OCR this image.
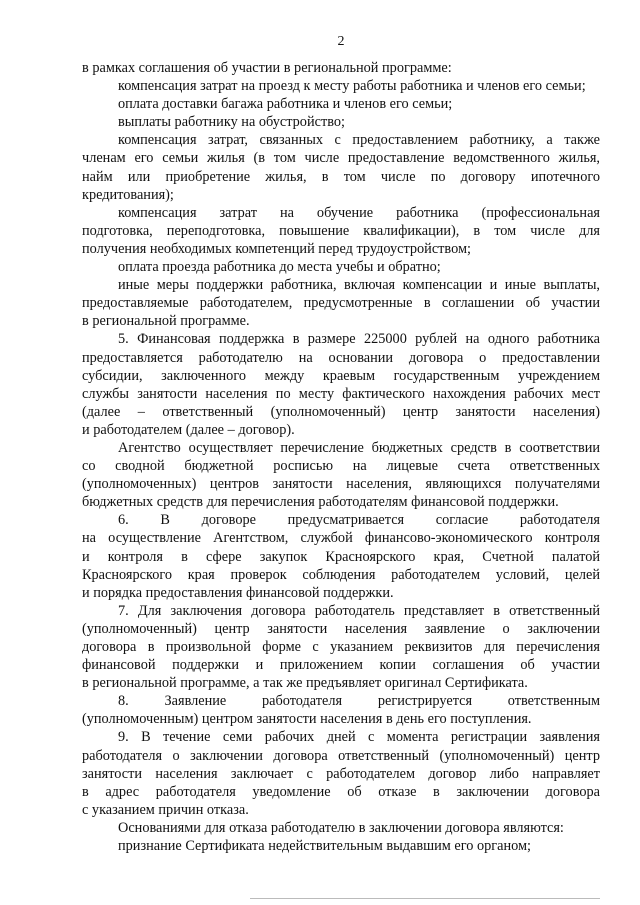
2
в рамках соглашения об участии в региональной программе:
компенсация затрат на проезд к месту работы работника и членов его семьи;
оплата доставки багажа работника и членов его семьи;
выплаты работнику на обустройство;
компенсация затрат, связанных с предоставлением работнику, а также
членам его семьи жилья (в том числе предоставление ведомственного жилья,
найм или приобретение жилья, в том числе по договору ипотечного
кредитования);
компенсация затрат на обучение работника (профессиональная
подготовка, переподготовка, повышение квалификации), в том числе для
получения необходимых компетенций перед трудоустройством;
оплата проезда работника до места учебы и обратно;
иные меры поддержки работника, включая компенсации и иные выплаты,
предоставляемые работодателем, предусмотренные в соглашении об участии
в региональной программе.
5. Финансовая поддержка в размере 225000 рублей на одного работника
предоставляется работодателю на основании договора о предоставлении
субсидии, заключенного между краевым государственным учреждением
службы занятости населения по месту фактического нахождения рабочих мест
(далее – ответственный (уполномоченный) центр занятости населения)
и работодателем (далее – договор).
Агентство осуществляет перечисление бюджетных средств в соответствии
со сводной бюджетной росписью на лицевые счета ответственных
(уполномоченных) центров занятости населения, являющихся получателями
бюджетных средств для перечисления работодателям финансовой поддержки.
6. В договоре предусматривается согласие работодателя
на осуществление Агентством, службой финансово-экономического контроля
и контроля в сфере закупок Красноярского края, Счетной палатой
Красноярского края проверок соблюдения работодателем условий, целей
и порядка предоставления финансовой поддержки.
7. Для заключения договора работодатель представляет в ответственный
(уполномоченный) центр занятости населения заявление о заключении
договора в произвольной форме с указанием реквизитов для перечисления
финансовой поддержки и приложением копии соглашения об участии
в региональной программе, а так же предъявляет оригинал Сертификата.
8. Заявление работодателя регистрируется ответственным
(уполномоченным) центром занятости населения в день его поступления.
9. В течение семи рабочих дней с момента регистрации заявления
работодателя о заключении договора ответственный (уполномоченный) центр
занятости населения заключает с работодателем договор либо направляет
в адрес работодателя уведомление об отказе в заключении договора
с указанием причин отказа.
Основаниями для отказа работодателю в заключении договора являются:
признание Сертификата недействительным выдавшим его органом;
